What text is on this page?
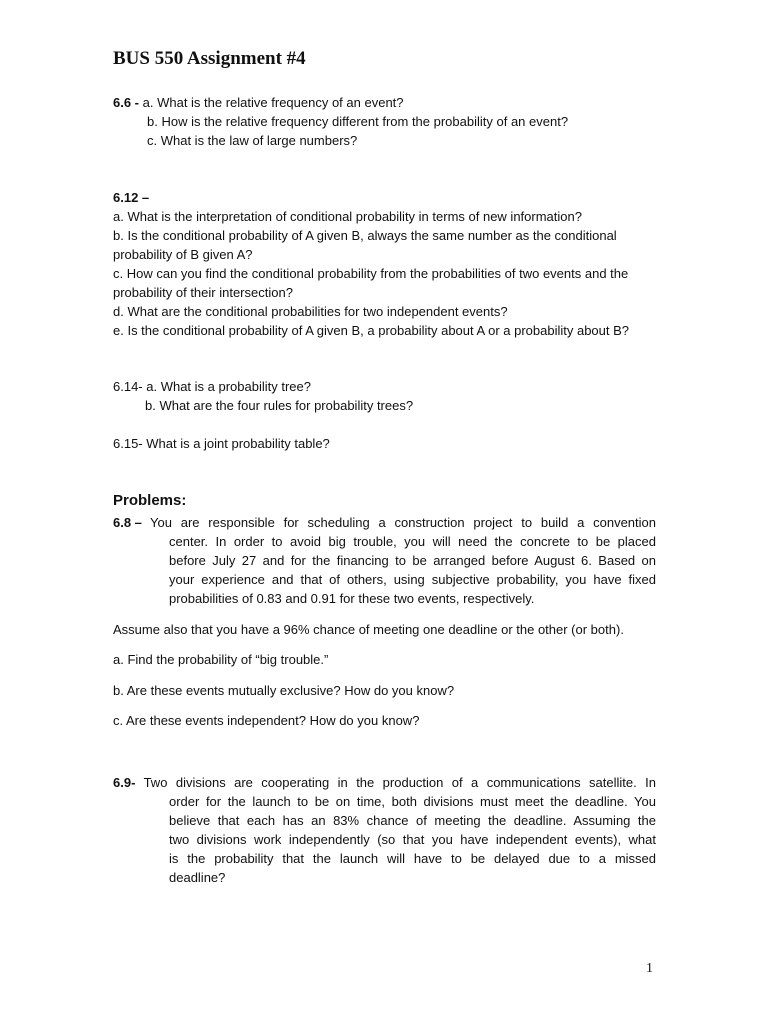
BUS 550 Assignment #4
6.6 - a. What is the relative frequency of an event?
b. How is the relative frequency different from the probability of an event?
c. What is the law of large numbers?
6.12 –
a. What is the interpretation of conditional probability in terms of new information?
b. Is the conditional probability of A given B, always the same number as the conditional probability of B given A?
c. How can you find the conditional probability from the probabilities of two events and the probability of their intersection?
d. What are the conditional probabilities for two independent events?
e. Is the conditional probability of A given B, a probability about A or a probability about B?
6.14- a. What is a probability tree?
b. What are the four rules for probability trees?
6.15- What is a joint probability table?
Problems:
6.8 – You are responsible for scheduling a construction project to build a convention
center. In order to avoid big trouble, you will need the concrete to be placed
before July 27 and for the financing to be arranged before August 6. Based on
your experience and that of others, using subjective probability, you have fixed
probabilities of 0.83 and 0.91 for these two events, respectively.
Assume also that you have a 96% chance of meeting one deadline or the other (or both).
a. Find the probability of “big trouble.”
b. Are these events mutually exclusive? How do you know?
c. Are these events independent? How do you know?
6.9- Two divisions are cooperating in the production of a communications satellite. In
order for the launch to be on time, both divisions must meet the deadline. You
believe that each has an 83% chance of meeting the deadline. Assuming the
two divisions work independently (so that you have independent events), what
is the probability that the launch will have to be delayed due to a missed
deadline?
1
